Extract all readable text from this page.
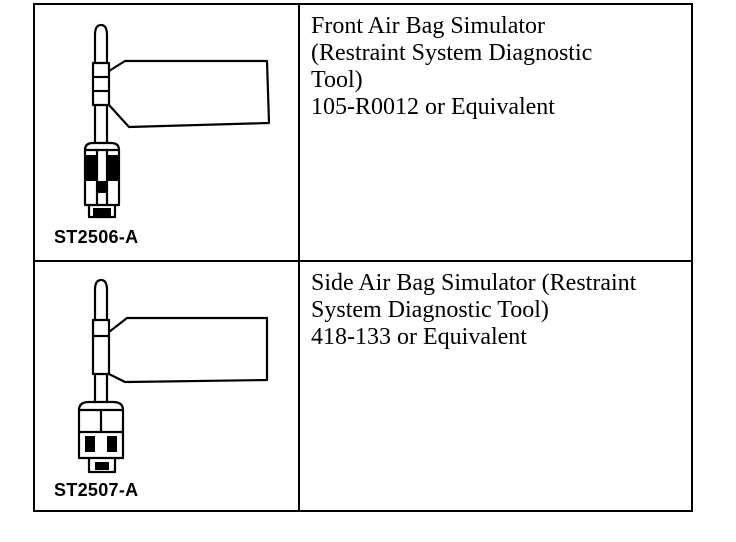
ST2506-A
Front Air Bag Simulator
(Restraint System Diagnostic
Tool)
105-R0012 or Equivalent
ST2507-A
Side Air Bag Simulator (Restraint
System Diagnostic Tool)
418-133 or Equivalent
